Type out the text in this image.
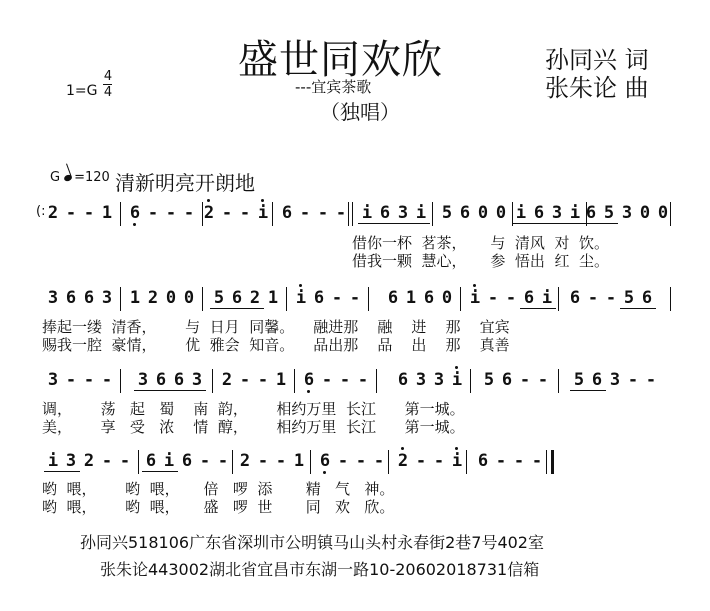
盛世同欢欣
---宜宾茶歌
（独唱）
孙同兴 词
张朱论 曲
1=G
4
4
G =120 清新明亮开朗地
(: 2 - - 1 6 - - - 2 - - i 6 - - - i 6 3 i 5 6 0 0 i 6 3 i 6 5 3 0 0
借你一杯  茗茶，     与  清风  对  饮。
借我一颗  慧心，     参  悟出  红  尘。
3 6 6 3 1 2 0 0 5 6 2 1 i 6 - - 6 1 6 0 i - - 6 i 6 - - 5 6
捧起一缕  清香，      与  日月  同馨。    融进那    融    进    那    宜宾
赐我一腔  豪情，      优  雅会  知音。    品出那    品    出    那    真善
3 - - - 3 6 6 3 2 - - 1 6 - - - 6 3 3 i 5 6 - - 5 6 3 - -
调，      荡   起   蜀    南  韵，      相约万里  长江      第一城。
美，      享   受   浓    情  醇，      相约万里  长江      第一城。
i 3 2 - - 6 i 6 - - 2 - - 1 6 - - - 2 - - i 6 - - -
哟  喂，      哟  喂，     倍   啰  添       精   气   神。
哟  喂，      哟  喂，     盛   啰  世       同   欢   欣。
孙同兴518106广东省深圳市公明镇马山头村永春街2巷7号402室
张朱论443002湖北省宜昌市东湖一路10-20602018731信箱
